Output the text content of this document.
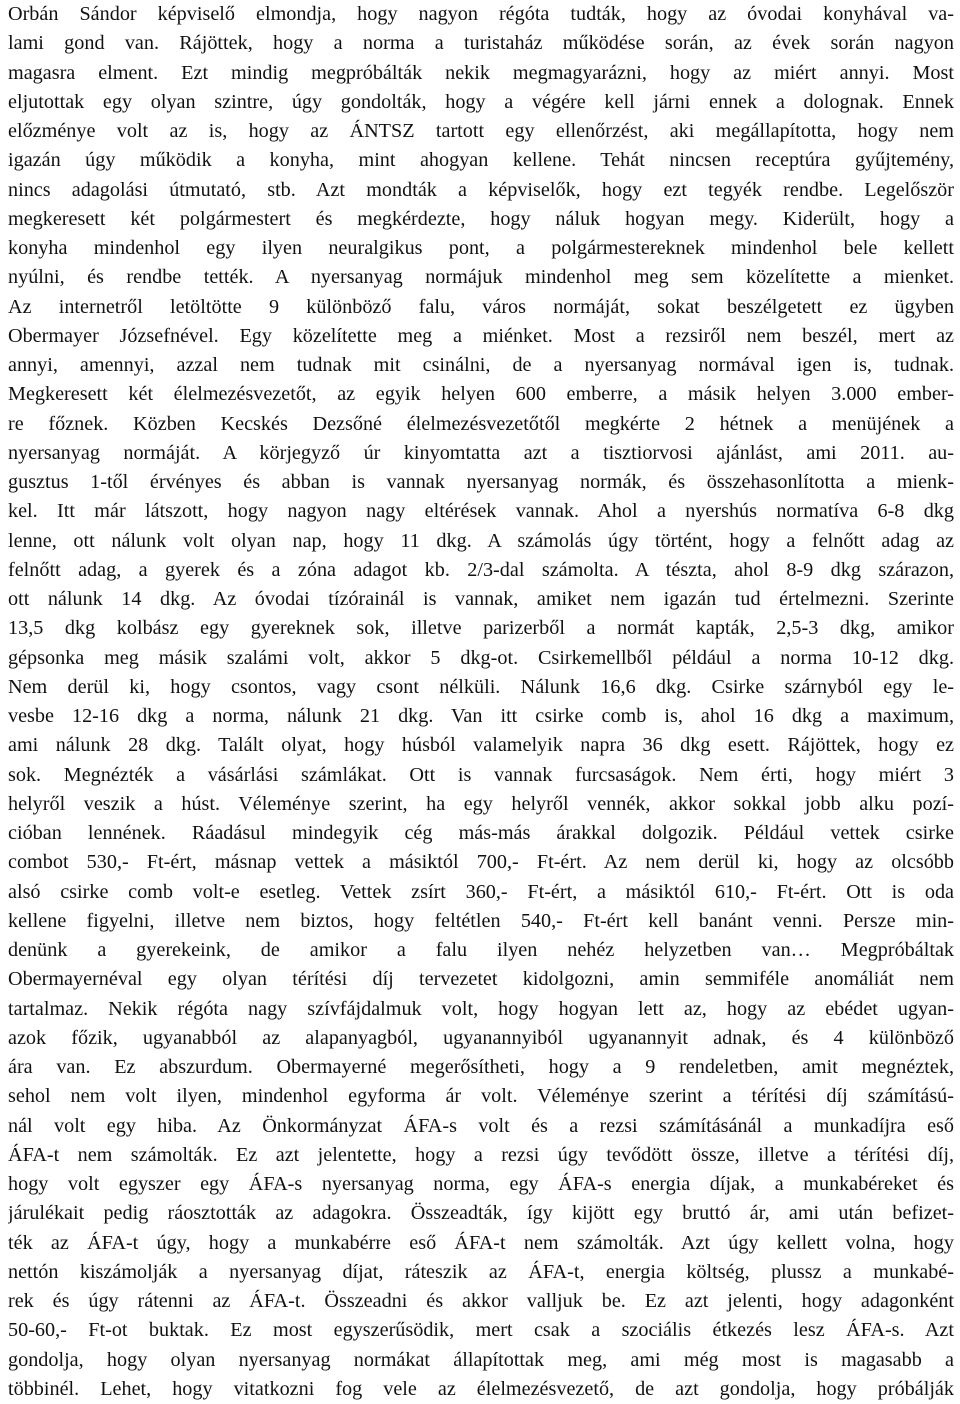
Orbán Sándor képviselő elmondja, hogy nagyon régóta tudták, hogy az óvodai konyhával va-
lami gond van. Rájöttek, hogy a norma a turistaház működése során, az évek során nagyon
magasra elment. Ezt mindig megpróbálták nekik megmagyarázni, hogy az miért annyi. Most
eljutottak egy olyan szintre, úgy gondolták, hogy a végére kell járni ennek a dolognak. Ennek
előzménye volt az is, hogy az ÁNTSZ tartott egy ellenőrzést, aki megállapította, hogy nem
igazán úgy működik a konyha, mint ahogyan kellene. Tehát nincsen receptúra gyűjtemény,
nincs adagolási útmutató, stb. Azt mondták a képviselők, hogy ezt tegyék rendbe. Legelőször
megkeresett két polgármestert és megkérdezte, hogy náluk hogyan megy. Kiderült, hogy a
konyha mindenhol egy ilyen neuralgikus pont, a polgármestereknek mindenhol bele kellett
nyúlni, és rendbe tették. A nyersanyag normájuk mindenhol meg sem közelítette a mienket.
Az internetről letöltötte 9 különböző falu, város normáját, sokat beszélgetett ez ügyben
Obermayer Józsefnével. Egy közelítette meg a miénket. Most a rezsiről nem beszél, mert az
annyi, amennyi, azzal nem tudnak mit csinálni, de a nyersanyag normával igen is, tudnak.
Megkeresett két élelmezésvezetőt, az egyik helyen 600 emberre, a másik helyen 3.000 ember-
re főznek. Közben Kecskés Dezsőné élelmezésvezetőtől megkérte 2 hétnek a menüjének a
nyersanyag normáját. A körjegyző úr kinyomtatta azt a tisztiorvosi ajánlást, ami 2011. au-
gusztus 1-től érvényes és abban is vannak nyersanyag normák, és összehasonlította a mienk-
kel. Itt már látszott, hogy nagyon nagy eltérések vannak. Ahol a nyershús normatíva 6-8 dkg
lenne, ott nálunk volt olyan nap, hogy 11 dkg. A számolás úgy történt, hogy a felnőtt adag az
felnőtt adag, a gyerek és a zóna adagot kb. 2/3-dal számolta. A tészta, ahol 8-9 dkg szárazon,
ott nálunk 14 dkg. Az óvodai tízórainál is vannak, amiket nem igazán tud értelmezni. Szerinte
13,5 dkg kolbász egy gyereknek sok, illetve parizerből a normát kapták, 2,5-3 dkg, amikor
gépsonka meg másik szalámi volt, akkor 5 dkg-ot. Csirkemellből például a norma 10-12 dkg.
Nem derül ki, hogy csontos, vagy csont nélküli. Nálunk 16,6 dkg. Csirke szárnyból egy le-
vesbe 12-16 dkg a norma, nálunk 21 dkg. Van itt csirke comb is, ahol 16 dkg a maximum,
ami nálunk 28 dkg. Talált olyat, hogy húsból valamelyik napra 36 dkg esett. Rájöttek, hogy ez
sok. Megnézték a vásárlási számlákat. Ott is vannak furcsaságok. Nem érti, hogy miért 3
helyről veszik a húst. Véleménye szerint, ha egy helyről vennék, akkor sokkal jobb alku pozí-
cióban lennének. Ráadásul mindegyik cég más-más árakkal dolgozik. Például vettek csirke
combot 530,- Ft-ért, másnap vettek a másiktól 700,- Ft-ért. Az nem derül ki, hogy az olcsóbb
alsó csirke comb volt-e esetleg. Vettek zsírt 360,- Ft-ért, a másiktól 610,- Ft-ért. Ott is oda
kellene figyelni, illetve nem biztos, hogy feltétlen 540,- Ft-ért kell banánt venni. Persze min-
denünk a gyerekeink, de amikor a falu ilyen nehéz helyzetben van… Megpróbáltak
Obermayernéval egy olyan térítési díj tervezetet kidolgozni, amin semmiféle anomáliát nem
tartalmaz. Nekik régóta nagy szívfájdalmuk volt, hogy hogyan lett az, hogy az ebédet ugyan-
azok főzik, ugyanabból az alapanyagból, ugyanannyiból ugyanannyit adnak, és 4 különböző
ára van. Ez abszurdum. Obermayerné megerősítheti, hogy a 9 rendeletben, amit megnéztek,
sehol nem volt ilyen, mindenhol egyforma ár volt. Véleménye szerint a térítési díj számítású-
nál volt egy hiba. Az Önkormányzat ÁFA-s volt és a rezsi számításánál a munkadíjra eső
ÁFA-t nem számolták. Ez azt jelentette, hogy a rezsi úgy tevődött össze, illetve a térítési díj,
hogy volt egyszer egy ÁFA-s nyersanyag norma, egy ÁFA-s energia díjak, a munkabéreket és
járulékait pedig ráosztották az adagokra. Összeadták, így kijött egy bruttó ár, ami után befizet-
ték az ÁFA-t úgy, hogy a munkabérre eső ÁFA-t nem számolták. Azt úgy kellett volna, hogy
nettón kiszámolják a nyersanyag díjat, ráteszik az ÁFA-t, energia költség, plussz a munkabé-
rek és úgy rátenni az ÁFA-t. Összeadni és akkor valljuk be. Ez azt jelenti, hogy adagonként
50-60,- Ft-ot buktak. Ez most egyszerűsödik, mert csak a szociális étkezés lesz ÁFA-s. Azt
gondolja, hogy olyan nyersanyag normákat állapítottak meg, ami még most is magasabb a
többinél. Lehet, hogy vitatkozni fog vele az élelmezésvezető, de azt gondolja, hogy próbálják
